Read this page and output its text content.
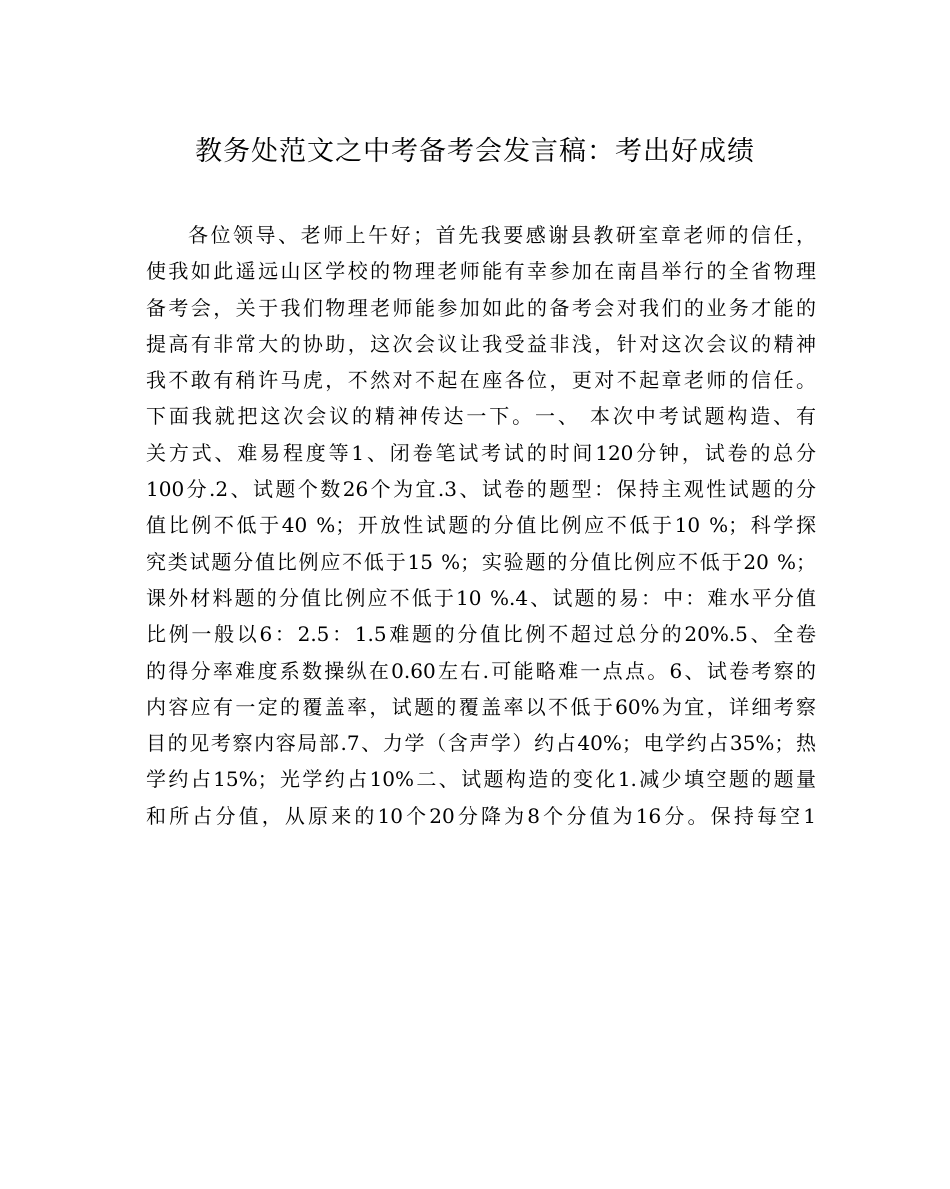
教务处范文之中考备考会发言稿：考出好成绩
各位领导、老师上午好；首先我要感谢县教研室章老师的信任，
使我如此遥远山区学校的物理老师能有幸参加在南昌举行的全省物理
备考会，关于我们物理老师能参加如此的备考会对我们的业务才能的
提高有非常大的协助，这次会议让我受益非浅，针对这次会议的精神
我不敢有稍许马虎，不然对不起在座各位，更对不起章老师的信任。
下面我就把这次会议的精神传达一下。一、 本次中考试题构造、有
关方式、难易程度等1、闭卷笔试考试的时间120分钟，试卷的总分
100分.2、试题个数26个为宜.3、试卷的题型：保持主观性试题的分
值比例不低于40 %；开放性试题的分值比例应不低于10 %；科学探
究类试题分值比例应不低于15 %；实验题的分值比例应不低于20 %；
课外材料题的分值比例应不低于10 %.4、试题的易：中：难水平分值
比例一般以6：2.5：1.5难题的分值比例不超过总分的20%.5、全卷
的得分率难度系数操纵在0.60左右.可能略难一点点。6、试卷考察的
内容应有一定的覆盖率，试题的覆盖率以不低于60%为宜，详细考察
目的见考察内容局部.7、力学（含声学）约占40%；电学约占35%；热
学约占15%；光学约占10%二、试题构造的变化1.减少填空题的题量
和所占分值，从原来的10个20分降为8个分值为16分。保持每空1
